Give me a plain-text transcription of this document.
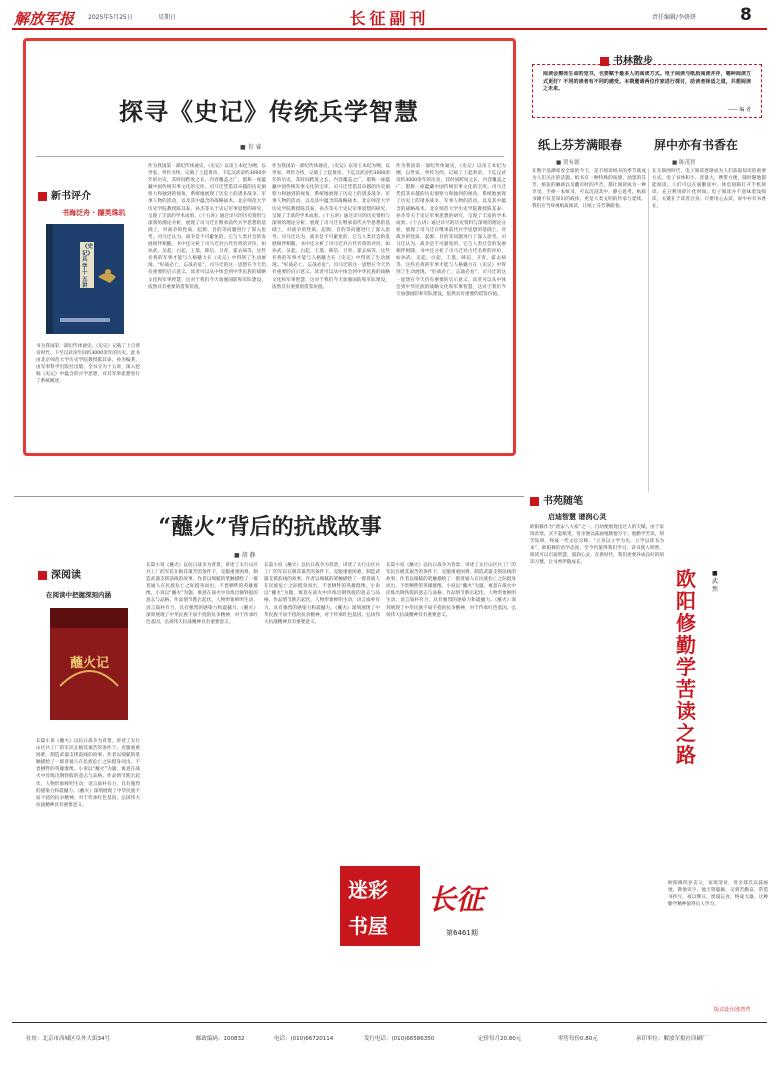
解放军报 2025年5月25日	星期日	长征副刊	责任编辑/李妍妍	8
探寻《史记》传统兵学智慧
■ 肯 睿
新书评介
书海泛舟 · 撷英珠玑
《史记》兵学十五讲
书为我国第一部纪传体通史，《史记》记载了上自黄帝时代、下至汉武帝年间约3000余年的历史。此书由北京师范大学历史学院教授陈其泰、孙杰编著，由军事科学出版社出版。全书分为十五讲，深入挖掘《史记》中蕴含的兵学思想，对其军事思想进行了系统阐述。
作为我国第一部纪传体通史，《史记》以帝王本纪为纲，以世家、列传为纬，记载了上起黄帝、下迄汉武帝约3000余年的历史，其时间跨度之长，内容覆盖之广，堪称一座蕴藏中国传统军事文化的宝库。司马迁凭借其卓越的历史洞察力和独到的视角，系统地展现了历史上的诸多战争、军事人物的活动，以及其中蕴含的战略战术。北京师范大学历史学院教授陈其泰、孙杰等关于史记军事思想的研究，呈现了丰富的学术成果。《十五讲》通过详尽的历史资料与深刻的理论分析，展现了司马迁在继承前代兵学思想的基础上，对战争的性质、起源、目的等问题进行了深入思考。司马迁认为，战争是不可避免的，它与人类社会的发展相伴相随。书中还分析了司马迁对古代名将的评价，如孙武、吴起、白起、王翦、韩信、卫青、霍去病等，这些名将的军事才能与人格魅力在《史记》中得到了生动展现。“好战必亡，忘战必危”，司马迁的这一思想在今天仍有重要的启示意义。读者可以从中体会到中华民族的战略文化和军事智慧，这对于我们今天加强国防和军队建设，依然具有重要的借鉴价值。
作为我国第一部纪传体通史，《史记》以帝王本纪为纲，以世家、列传为纬，记载了上起黄帝、下迄汉武帝约3000余年的历史，其时间跨度之长，内容覆盖之广，堪称一座蕴藏中国传统军事文化的宝库。司马迁凭借其卓越的历史洞察力和独到的视角，系统地展现了历史上的诸多战争、军事人物的活动，以及其中蕴含的战略战术。北京师范大学历史学院教授陈其泰、孙杰等关于史记军事思想的研究，呈现了丰富的学术成果。《十五讲》通过详尽的历史资料与深刻的理论分析，展现了司马迁在继承前代兵学思想的基础上，对战争的性质、起源、目的等问题进行了深入思考。司马迁认为，战争是不可避免的，它与人类社会的发展相伴相随。书中还分析了司马迁对古代名将的评价，如孙武、吴起、白起、王翦、韩信、卫青、霍去病等，这些名将的军事才能与人格魅力在《史记》中得到了生动展现。“好战必亡，忘战必危”，司马迁的这一思想在今天仍有重要的启示意义。读者可以从中体会到中华民族的战略文化和军事智慧，这对于我们今天加强国防和军队建设，依然具有重要的借鉴价值。
作为我国第一部纪传体通史，《史记》以帝王本纪为纲，以世家、列传为纬，记载了上起黄帝、下迄汉武帝约3000余年的历史，其时间跨度之长，内容覆盖之广，堪称一座蕴藏中国传统军事文化的宝库。司马迁凭借其卓越的历史洞察力和独到的视角，系统地展现了历史上的诸多战争、军事人物的活动，以及其中蕴含的战略战术。北京师范大学历史学院教授陈其泰、孙杰等关于史记军事思想的研究，呈现了丰富的学术成果。《十五讲》通过详尽的历史资料与深刻的理论分析，展现了司马迁在继承前代兵学思想的基础上，对战争的性质、起源、目的等问题进行了深入思考。司马迁认为，战争是不可避免的，它与人类社会的发展相伴相随。书中还分析了司马迁对古代名将的评价，如孙武、吴起、白起、王翦、韩信、卫青、霍去病等，这些名将的军事才能与人格魅力在《史记》中得到了生动展现。“好战必亡，忘战必危”，司马迁的这一思想在今天仍有重要的启示意义。读者可以从中体会到中华民族的战略文化和军事智慧，这对于我们今天加强国防和军队建设，依然具有重要的借鉴价值。
书林散步
阅读会擦亮生命的觉书，也要赋予最多人的阅读方式。电子阅读与纸质阅读并存，哪种阅读方式更好？不同的读者有不同的感受。本期邀请两位作家进行探讨，助读者择适之道，共想阅读之未来。
—— 编 者
纸上芬芳满眼春
■ 贺有德
屏中亦有书香在
■ 陈茂智
在数字浪潮席卷全球的今天，是不阅读纸书的季节就成为人们关注的话题。纸书有一种特殊的质感，油墨的芬芳、纸张的触感以及翻页时的声音，都让阅读成为一种享受。手捧一本纸书，可以沉浸其中，静心思考。纸质书籍不仅是知识的载体，更是人类文明的传承与延续。我们应当珍视纸质阅读，让纸上芬芳满眼春。
在互联网时代，电子阅读逐渐成为人们获取知识的重要方式。电子书体积小、容量大，携带方便，随时随地都能阅读。人们可以在通勤途中、休息间隙打开手机阅读，充分利用碎片化时间。电子阅读并不意味着浅阅读，关键在于读者自身。只要用心去读，屏中亦有书香在。
“蘸火”背后的抗战故事
■ 胡 静
深阅读
在阅读中把握深刻内涵
蘸火记
长篇小说《蘸火》以抗日战争为背景，讲述了太行山区兵工厂的军民在极其艰苦的条件下，克服重重困难，制造武器支援前线的故事。作者以细腻的笔触描绘了一群普通人在民族危亡之际挺身而出、不畏牺牲的英雄群像。小说以“蘸火”为题，寓意在战火中淬炼出钢铁般的意志与品格。作品情节跌宕起伏，人物形象鲜明生动，语言质朴有力，具有强烈的感染力和震撼力。《蘸火》深刻展现了中华民族不屈不挠的抗争精神，对于传承红色基因、弘扬伟大抗战精神具有重要意义。
长篇小说《蘸火》以抗日战争为背景，讲述了太行山区兵工厂的军民在极其艰苦的条件下，克服重重困难，制造武器支援前线的故事。作者以细腻的笔触描绘了一群普通人在民族危亡之际挺身而出、不畏牺牲的英雄群像。小说以“蘸火”为题，寓意在战火中淬炼出钢铁般的意志与品格。作品情节跌宕起伏，人物形象鲜明生动，语言质朴有力，具有强烈的感染力和震撼力。《蘸火》深刻展现了中华民族不屈不挠的抗争精神，对于传承红色基因、弘扬伟大抗战精神具有重要意义。
长篇小说《蘸火》以抗日战争为背景，讲述了太行山区兵工厂的军民在极其艰苦的条件下，克服重重困难，制造武器支援前线的故事。作者以细腻的笔触描绘了一群普通人在民族危亡之际挺身而出、不畏牺牲的英雄群像。小说以“蘸火”为题，寓意在战火中淬炼出钢铁般的意志与品格。作品情节跌宕起伏，人物形象鲜明生动，语言质朴有力，具有强烈的感染力和震撼力。《蘸火》深刻展现了中华民族不屈不挠的抗争精神，对于传承红色基因、弘扬伟大抗战精神具有重要意义。
长篇小说《蘸火》以抗日战争为背景，讲述了太行山区兵工厂的军民在极其艰苦的条件下，克服重重困难，制造武器支援前线的故事。作者以细腻的笔触描绘了一群普通人在民族危亡之际挺身而出、不畏牺牲的英雄群像。小说以“蘸火”为题，寓意在战火中淬炼出钢铁般的意志与品格。作品情节跌宕起伏，人物形象鲜明生动，语言质朴有力，具有强烈的感染力和震撼力。《蘸火》深刻展现了中华民族不屈不挠的抗争精神，对于传承红色基因、弘扬伟大抗战精神具有重要意义。
迷彩
书屋
长征
第6461期
书苑随笔
启迪智慧 谱润心灵
欧阳修作为“唐宋八大家”之一，自幼便展现出过人的天赋。由于家境贫寒，买不起纸笔，母亲便以荻画地教他写字。他勤学苦读，刻苦钻研，终成一代文坛宗师。“立身以立学为先，立学以读书为本”，欧阳修的治学态度，至今仍值得我们学习。读书使人明智，阅读可以启迪智慧、滋润心灵。在新时代，我们更要养成良好的阅读习惯，让书香伴随成长。
欧阳修勤学苦读之路
■ 武 然
欧阳修四岁丧父，家境清贫，母亲郑氏以荻画地，教他识字。他天资聪颖，又刻苦勤奋，常借书抄写，夜以继日，废寝忘食，终成大器。这种勤学精神值得后人学习。
版式设计/张智哲
社址：北京市西城区阜外大街34号	邮政编码：100832	电话：(010)66720114	发行电话：(010)66586350	定价每月20.80元	零售每份0.80元	承印单位：解放军报社印刷厂
